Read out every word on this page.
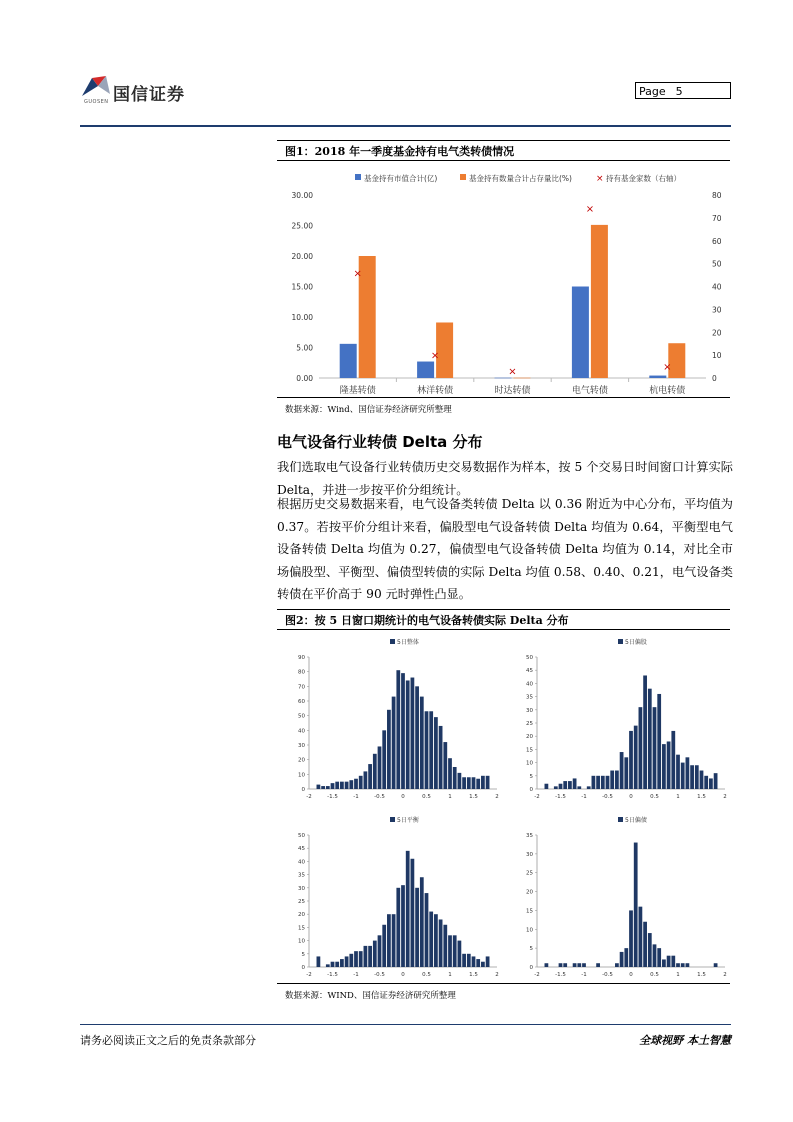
国信证券
GUOSEN
Page 5
图1：2018 年一季度基金持有电气类转债情况
基金持有市值合计(亿)	基金持有数量合计占存量比(%)	× 持有基金家数（右轴）
0.00
5.00
10.00
15.00
20.00
25.00
30.00
0
10
20
30
40
50
60
70
80
隆基转债
×
林洋转债
×
时达转债
×
电气转债
×
杭电转债
×
数据来源：Wind、国信证券经济研究所整理
电气设备行业转债 Delta 分布
我们选取电气设备行业转债历史交易数据作为样本，按 5 个交易日时间窗口计算实际 Delta，并进一步按平价分组统计。
根据历史交易数据来看，电气设备类转债 Delta 以 0.36 附近为中心分布，平均值为 0.37。若按平价分组计来看，偏股型电气设备转债 Delta 均值为 0.64，平衡型电气设备转债 Delta 均值为 0.27，偏债型电气设备转债 Delta 均值为 0.14，对比全市场偏股型、平衡型、偏债型转债的实际 Delta 均值 0.58、0.40、0.21，电气设备类转债在平价高于 90 元时弹性凸显。
图2：按 5 日窗口期统计的电气设备转债实际 Delta 分布
5日整体
0
10
20
30
40
50
60
70
80
90
-2	-1.5	-1	-0.5	0	0.5	1	1.5	2
5日偏股
0
5
10
15
20
25
30
35
40
45
50
-2	-1.5	-1	-0.5	0	0.5	1	1.5	2
5日平衡
0
5
10
15
20
25
30
35
40
45
50
-2	-1.5	-1	-0.5	0	0.5	1	1.5	2
5日偏债
0
5
10
15
20
25
30
35
-2	-1.5	-1	-0.5	0	0.5	1	1.5	2
数据来源：WIND、国信证券经济研究所整理
请务必阅读正文之后的免责条款部分	全球视野 本土智慧
